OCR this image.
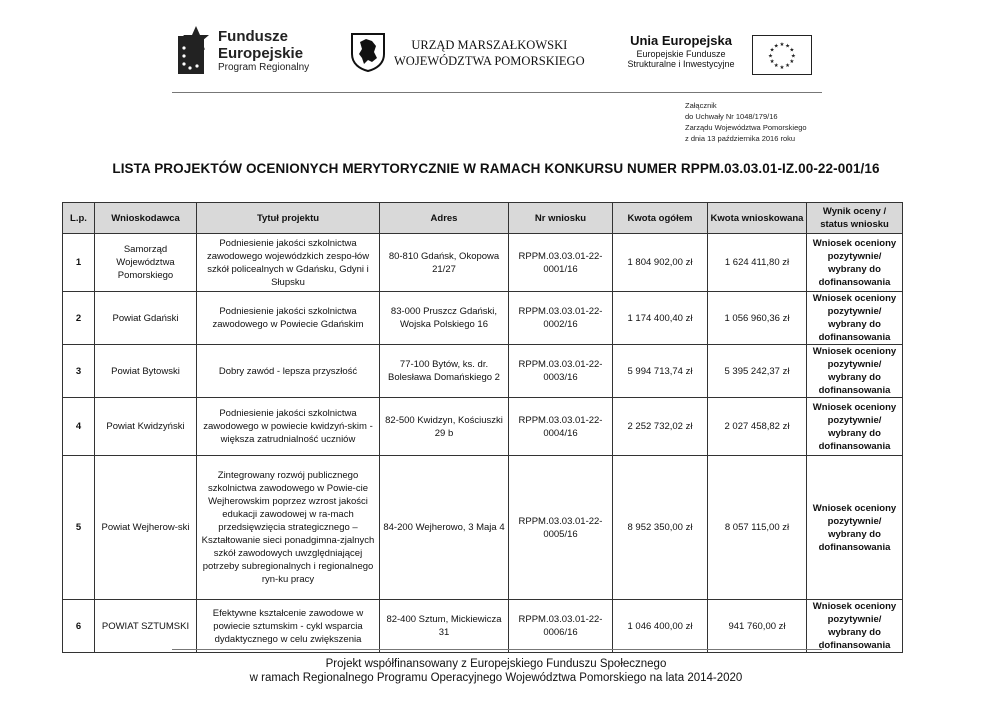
Fundusze
Europejskie
Program Regionalny
URZĄD MARSZAŁKOWSKI
WOJEWÓDZTWA POMORSKIEGO
Unia Europejska
Europejskie Fundusze
Strukturalne i Inwestycyjne
★
★
★
★
★
★
★
★
★ ★ ★
★
Załącznik
do Uchwały Nr 1048/179/16
Zarządu Województwa Pomorskiego
z dnia 13 października 2016 roku
LISTA PROJEKTÓW OCENIONYCH MERYTORYCZNIE W RAMACH KONKURSU NUMER RPPM.03.03.01-IZ.00-22-001/16
L.p.	Wnioskodawca	Tytuł projektu	Adres	Nr wniosku	Kwota ogółem	Kwota wnioskowana	Wynik oceny / status wniosku
1	Samorząd Województwa Pomorskiego	Podniesienie jakości szkolnictwa zawodowego wojewódzkich zespo-łów szkół policealnych w Gdańsku, Gdyni i Słupsku	80-810 Gdańsk, Okopowa 21/27	RPPM.03.03.01-22-0001/16	1 804 902,00 zł	1 624 411,80 zł	Wniosek oceniony pozytywnie/ wybrany do dofinansowania
2	Powiat Gdański	Podniesienie jakości szkolnictwa zawodowego w Powiecie Gdańskim	83-000 Pruszcz Gdański, Wojska Polskiego 16	RPPM.03.03.01-22-0002/16	1 174 400,40 zł	1 056 960,36 zł	Wniosek oceniony pozytywnie/ wybrany do dofinansowania
3	Powiat Bytowski	Dobry zawód - lepsza przyszłość	77-100 Bytów, ks. dr. Bolesława Domańskiego 2	RPPM.03.03.01-22-0003/16	5 994 713,74 zł	5 395 242,37 zł	Wniosek oceniony pozytywnie/ wybrany do dofinansowania
4	Powiat Kwidzyński	Podniesienie jakości szkolnictwa zawodowego w powiecie kwidzyń-skim - większa zatrudnialność uczniów	82-500 Kwidzyn, Kościuszki 29 b	RPPM.03.03.01-22-0004/16	2 252 732,02 zł	2 027 458,82 zł	Wniosek oceniony pozytywnie/ wybrany do dofinansowania
5	Powiat Wejherow-ski	Zintegrowany rozwój publicznego szkolnictwa zawodowego w Powie-cie Wejherowskim poprzez wzrost jakości edukacji zawodowej w ra-mach przedsięwzięcia strategicznego – Kształtowanie sieci ponadgimna-zjalnych szkół zawodowych uwzględniającej potrzeby subregionalnych i regionalnego ryn-ku pracy	84-200 Wejherowo, 3 Maja 4	RPPM.03.03.01-22-0005/16	8 952 350,00 zł	8 057 115,00 zł	Wniosek oceniony pozytywnie/ wybrany do dofinansowania
6	POWIAT SZTUMSKI	Efektywne kształcenie zawodowe w powiecie sztumskim - cykl wsparcia dydaktycznego w celu zwiększenia	82-400 Sztum, Mickiewicza 31	RPPM.03.03.01-22-0006/16	1 046 400,00 zł	941 760,00 zł	Wniosek oceniony pozytywnie/ wybrany do dofinansowania
Projekt współfinansowany z Europejskiego Funduszu Społecznego
w ramach Regionalnego Programu Operacyjnego Województwa Pomorskiego na lata 2014-2020
